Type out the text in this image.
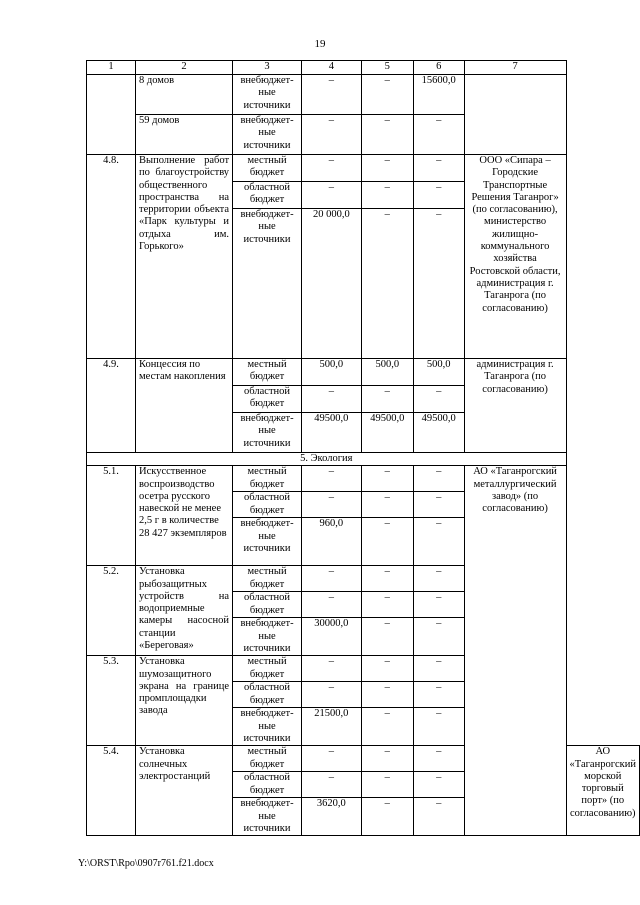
19
1	2	3	4	5	6	7	
	8 домов	внебюджет-ные источники	–	–	15600,0		
	59 домов	внебюджет-ные источники	–	–	–		
4.8.	Выполнение работ по благоустройству общественного пространства на территории объекта «Парк культуры и отдыха им. Горького»	местный бюджет	–	–	–	ООО «Сипара – Городские Транспортные Решения Таганрог» (по согласованию), министерство жилищно-коммунального хозяйства Ростовской области, администрация г. Таганрога (по согласованию)	
		областной бюджет	–	–	–		
		внебюджет-ные источники	20 000,0	–	–		
4.9.	Концессия по местам накопления	местный бюджет	500,0	500,0	500,0	администрация г. Таганрога (по согласованию)	
		областной бюджет	–	–	–		
		внебюджет-ные источники	49500,0	49500,0	49500,0		
5. Экология							
5.1.	Искусственное воспроизводство осетра русского навеской не менее 2,5 г в количестве 28 427 экземпляров	местный бюджет	–	–	–	АО «Таганрогский металлургический завод» (по согласованию)	
		областной бюджет	–	–	–		
		внебюджет-ные источники	960,0	–	–		
5.2.	Установка рыбозащитных устройств на водоприемные камеры насосной станции «Береговая»	местный бюджет	–	–	–		
		областной бюджет	–	–	–		
		внебюджет-ные источники	30000,0	–	–		
5.3.	Установка шумозащитного экрана на границе промплощадки завода	местный бюджет	–	–	–		
		областной бюджет	–	–	–		
		внебюджет-ные источники	21500,0	–	–		
5.4.	Установка солнечных электростанций	местный бюджет	–	–	–		АО «Таганрогский морской торговый порт» (по согласованию)
		областной бюджет	–	–	–		
		внебюджет-ные источники	3620,0	–	–		
Y:\ORST\Rpo\0907r761.f21.docx
